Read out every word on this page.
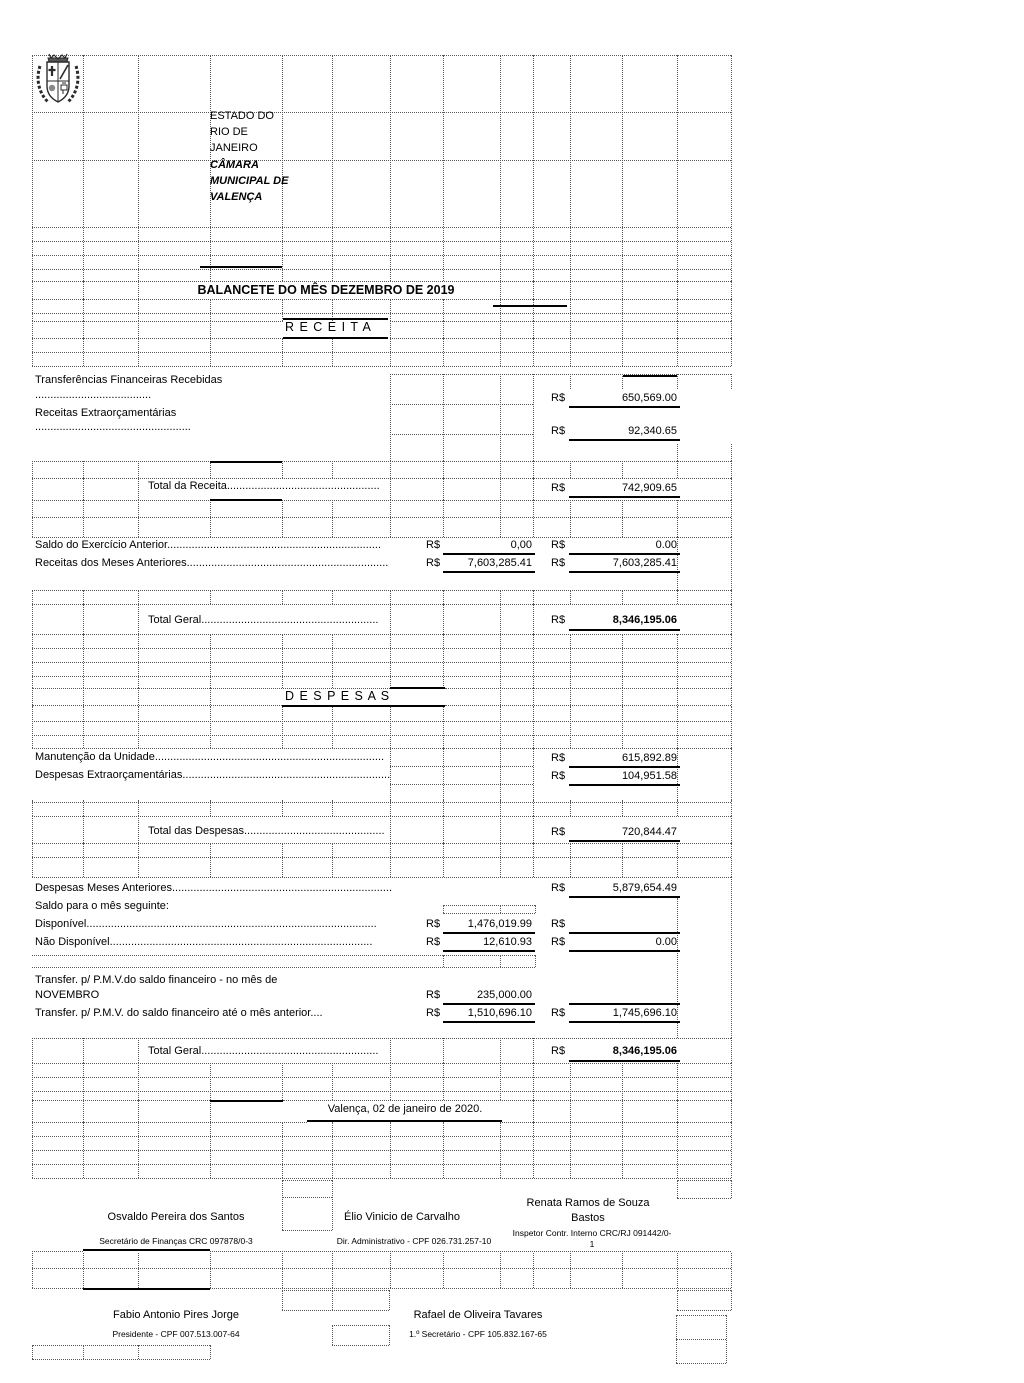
ESTADO DO RIO DE JANEIRO
CÂMARA MUNICIPAL DE VALENÇA
BALANCETE DO MÊS DEZEMBRO DE 2019
R E C E I T A
Transferências Financeiras Recebidas
......................................	R$	650,569.00
Receitas Extraorçamentárias
...................................................	R$	92,340.65
Total da Receita..................................................	R$	742,909.65
Saldo do Exercício Anterior......................................................................	R$	0,00 R$	0.00
Receitas dos Meses Anteriores..................................................................	R$	7,603,285.41 R$	7,603,285.41
Total Geral..........................................................	R$	8,346,195.06
D E S P E S A S
Manutenção da Unidade...........................................................................	R$	615,892.89
Despesas Extraorçamentárias....................................................................	R$	104,951.58
Total das Despesas..............................................	R$	720,844.47
Despesas Meses Anteriores........................................................................	R$	5,879,654.49
Saldo para o mês seguinte:
Disponível...............................................................................................	R$	1,476,019.99 R$
Não Disponível......................................................................................	R$	12,610.93 R$	0.00
Transfer. p/ P.M.V.do saldo financeiro - no mês de
NOVEMBRO	R$	235,000.00
Transfer. p/ P.M.V. do saldo financeiro até o mês anterior....	R$	1,510,696.10 R$	1,745,696.10
Total Geral..........................................................	R$	8,346,195.06
Valença, 02 de janeiro de 2020.
Osvaldo Pereira dos Santos
Secretário de Finanças CRC 097878/0-3
Élio Vinicio de Carvalho
Dir. Administrativo - CPF 026.731.257-10
Renata Ramos de Souza Bastos
Inspetor Contr. Interno CRC/RJ 091442/0-1
Fabio Antonio Pires Jorge
Presidente - CPF 007.513.007-64
Rafael de Oliveira Tavares
1.º Secretário - CPF 105.832.167-65
